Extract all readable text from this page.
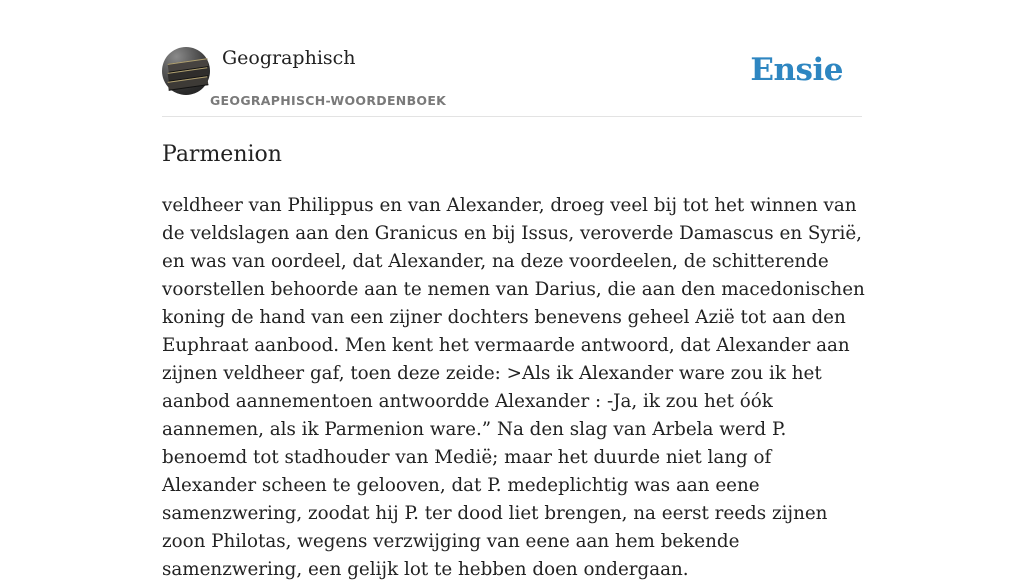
Geographisch
GEOGRAPHISCH-WOORDENBOEK
Ensie
Parmenion

veldheer van Philippus en van Alexander, droeg veel bij tot het winnen van de veldslagen aan den Granicus en bij Issus, veroverde Damascus en Syrië, en was van oordeel, dat Alexander, na deze voordeelen, de schitterende voorstellen behoorde aan te nemen van Darius, die aan den macedonischen koning de hand van een zijner dochters benevens geheel Azië tot aan den Euphraat aanbood. Men kent het vermaarde antwoord, dat Alexander aan zijnen veldheer gaf, toen deze zeide: >Als ik Alexander ware zou ik het aanbod aannementoen antwoordde Alexander : -Ja, ik zou het óók aannemen, als ik Parmenion ware.” Na den slag van Arbela werd P. benoemd tot stadhouder van Medië; maar het duurde niet lang of Alexander scheen te gelooven, dat P. medeplichtig was aan eene samenzwering, zoodat hij P. ter dood liet brengen, na eerst reeds zijnen zoon Philotas, wegens verzwijging van eene aan hem bekende samenzwering, een gelijk lot te hebben doen ondergaan.
